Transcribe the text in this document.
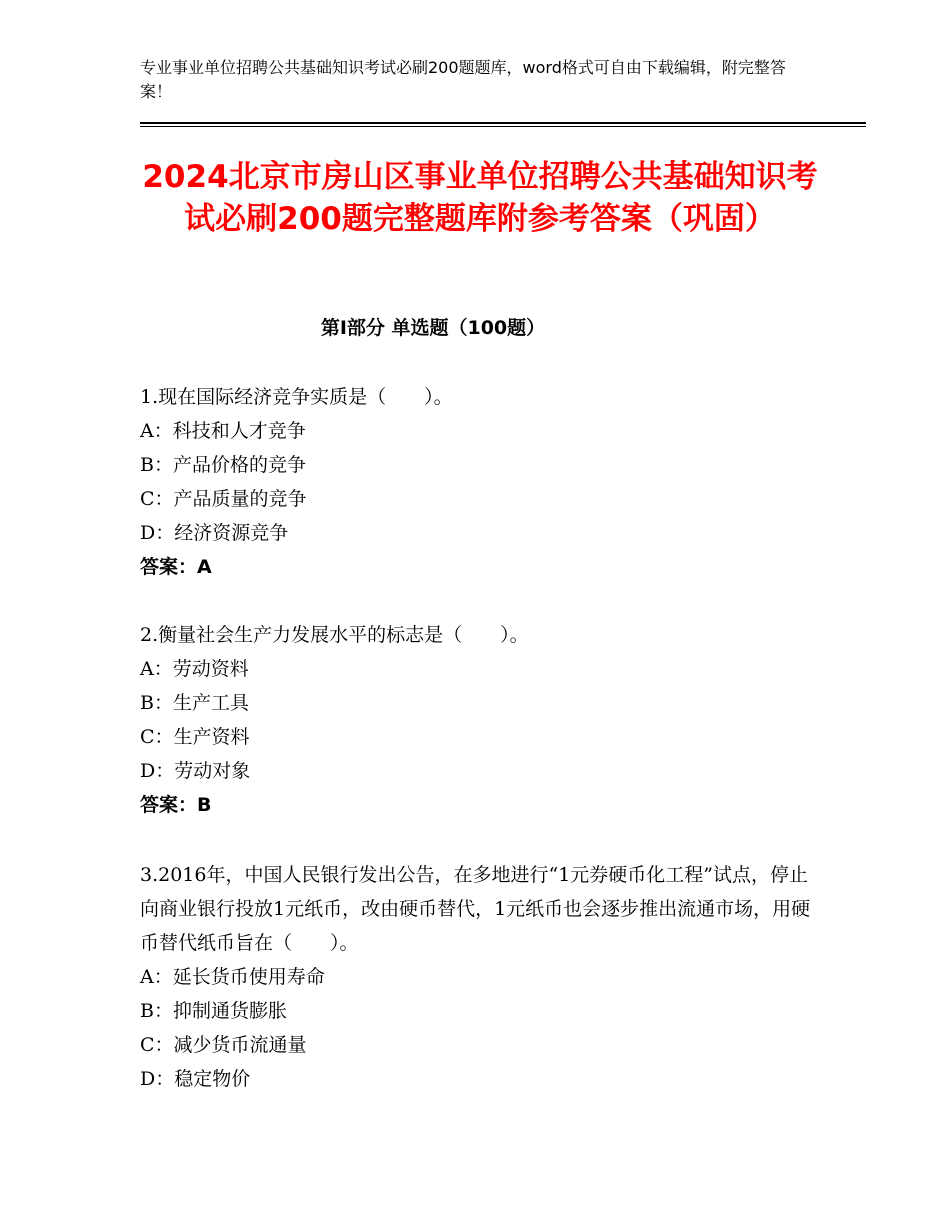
专业事业单位招聘公共基础知识考试必刷200题题库，word格式可自由下载编辑，附完整答案！
2024北京市房山区事业单位招聘公共基础知识考试必刷200题完整题库附参考答案（巩固）
第Ⅰ部分 单选题（100题）

1.现在国际经济竞争实质是（　　）。

A：科技和人才竞争

B：产品价格的竞争

C：产品质量的竞争

D：经济资源竞争

答案：A

2.衡量社会生产力发展水平的标志是（　　）。

A：劳动资料

B：生产工具

C：生产资料

D：劳动对象

答案：B

3.2016年，中国人民银行发出公告，在多地进行“1元券硬币化工程”试点，停止向商业银行投放1元纸币，改由硬币替代，1元纸币也会逐步推出流通市场，用硬币替代纸币旨在（　　）。

A：延长货币使用寿命

B：抑制通货膨胀

C：减少货币流通量

D：稳定物价
